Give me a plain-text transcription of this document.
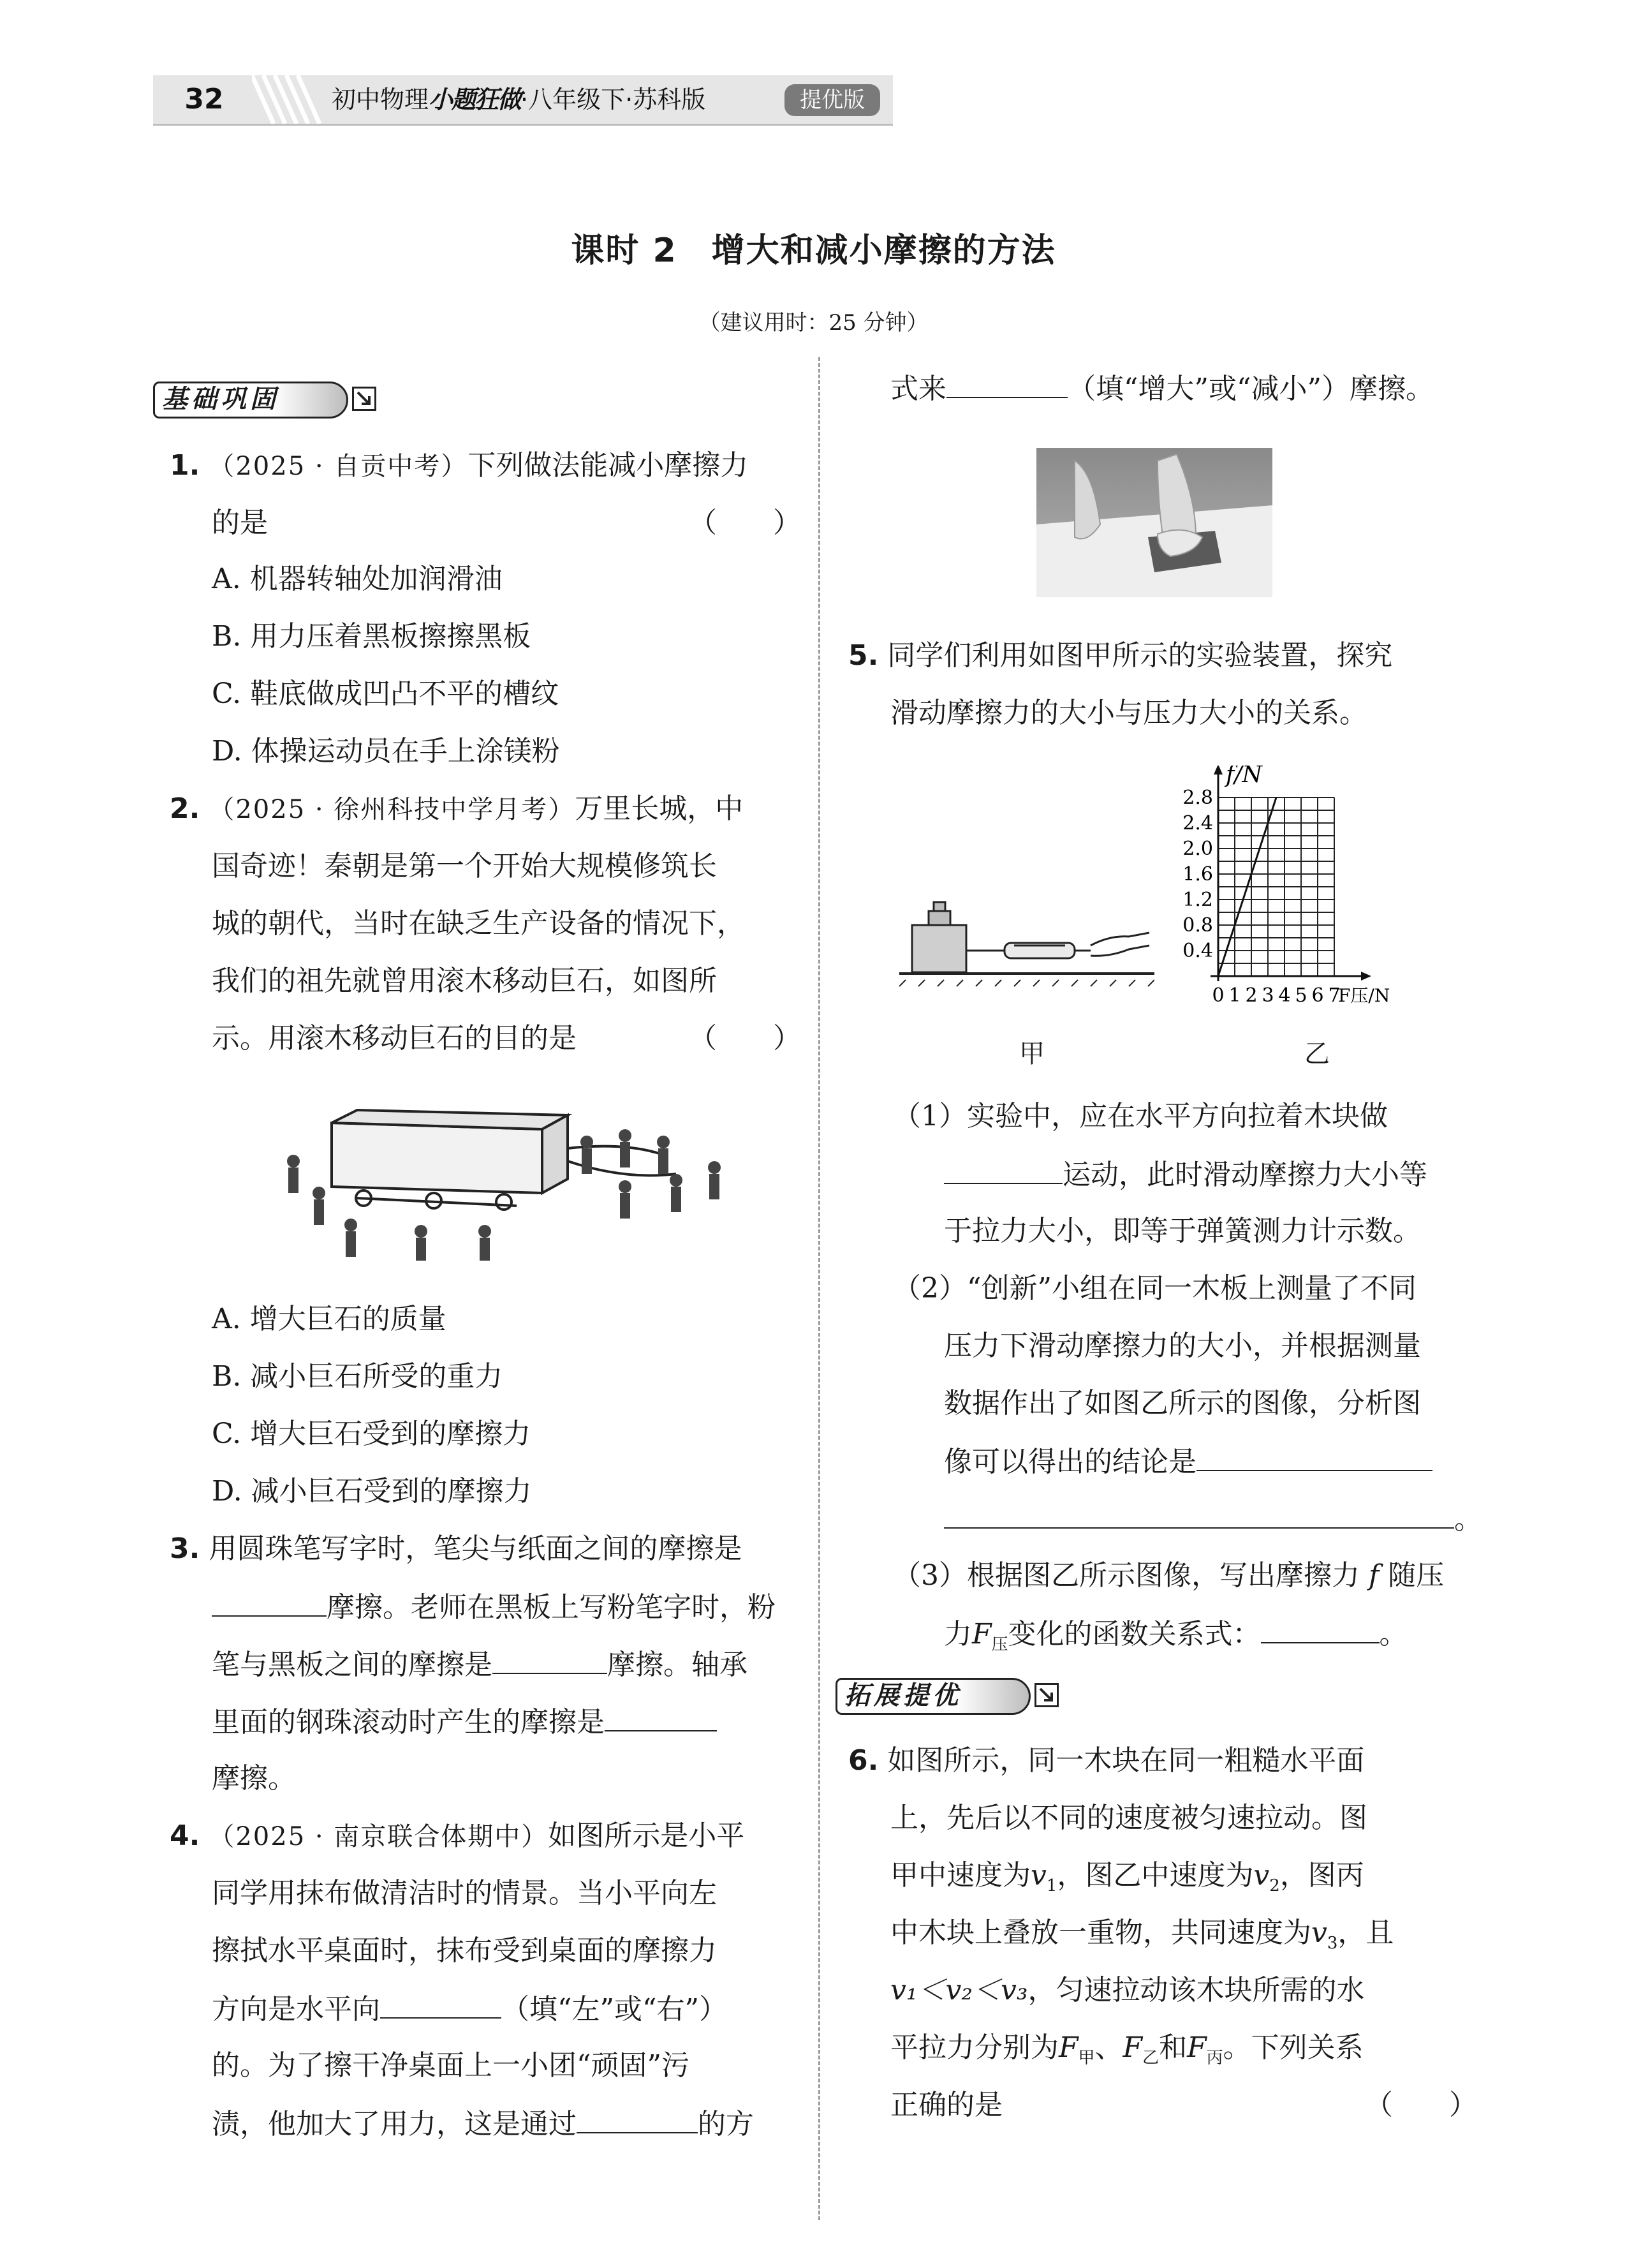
32	初中物理小题狂做·八年级下·苏科版	提优版
课时 2　增大和减小摩擦的方法
（建议用时：25 分钟）
基础巩固
1. （2025 · 自贡中考）下列做法能减小摩擦力
的是	（　　）
A. 机器转轴处加润滑油
B. 用力压着黑板擦擦黑板
C. 鞋底做成凹凸不平的槽纹
D. 体操运动员在手上涂镁粉
2. （2025 · 徐州科技中学月考）万里长城，中
国奇迹！秦朝是第一个开始大规模修筑长
城的朝代，当时在缺乏生产设备的情况下，
我们的祖先就曾用滚木移动巨石，如图所
示。用滚木移动巨石的目的是	（　　）
A. 增大巨石的质量
B. 减小巨石所受的重力
C. 增大巨石受到的摩擦力
D. 减小巨石受到的摩擦力
3. 用圆珠笔写字时，笔尖与纸面之间的摩擦是
摩擦。老师在黑板上写粉笔字时，粉
笔与黑板之间的摩擦是	摩擦。轴承
里面的钢珠滚动时产生的摩擦是
摩擦。
4. （2025 · 南京联合体期中）如图所示是小平
同学用抹布做清洁时的情景。当小平向左
擦拭水平桌面时，抹布受到桌面的摩擦力
方向是水平向	（填“左”或“右”）
的。为了擦干净桌面上一小团“顽固”污
渍，他加大了用力，这是通过	的方
式来	（填“增大”或“减小”）摩擦。
5. 同学们利用如图甲所示的实验装置，探究
滑动摩擦力的大小与压力大小的关系。
甲
0.4
0.8
1.2
1.6
2.0
2.4
2.8
0 1 2 3 4 5 6 7
f/N
F压/N
乙
（1）实验中，应在水平方向拉着木块做
运动，此时滑动摩擦力大小等
于拉力大小，即等于弹簧测力计示数。
（2）“创新”小组在同一木板上测量了不同
压力下滑动摩擦力的大小，并根据测量
数据作出了如图乙所示的图像，分析图
像可以得出的结论是
。
（3）根据图乙所示图像，写出摩擦力 f 随压
力$F_压$变化的函数关系式：	。
拓展提优
6. 如图所示，同一木块在同一粗糙水平面
上，先后以不同的速度被匀速拉动。图
甲中速度为$v_1$，图乙中速度为$v_2$，图丙
中木块上叠放一重物，共同速度为$v_3$，且
v₁＜v₂＜v₃，匀速拉动该木块所需的水
平拉力分别为$F_甲$、$F_乙$和$F_丙$。下列关系
正确的是	（　　）
